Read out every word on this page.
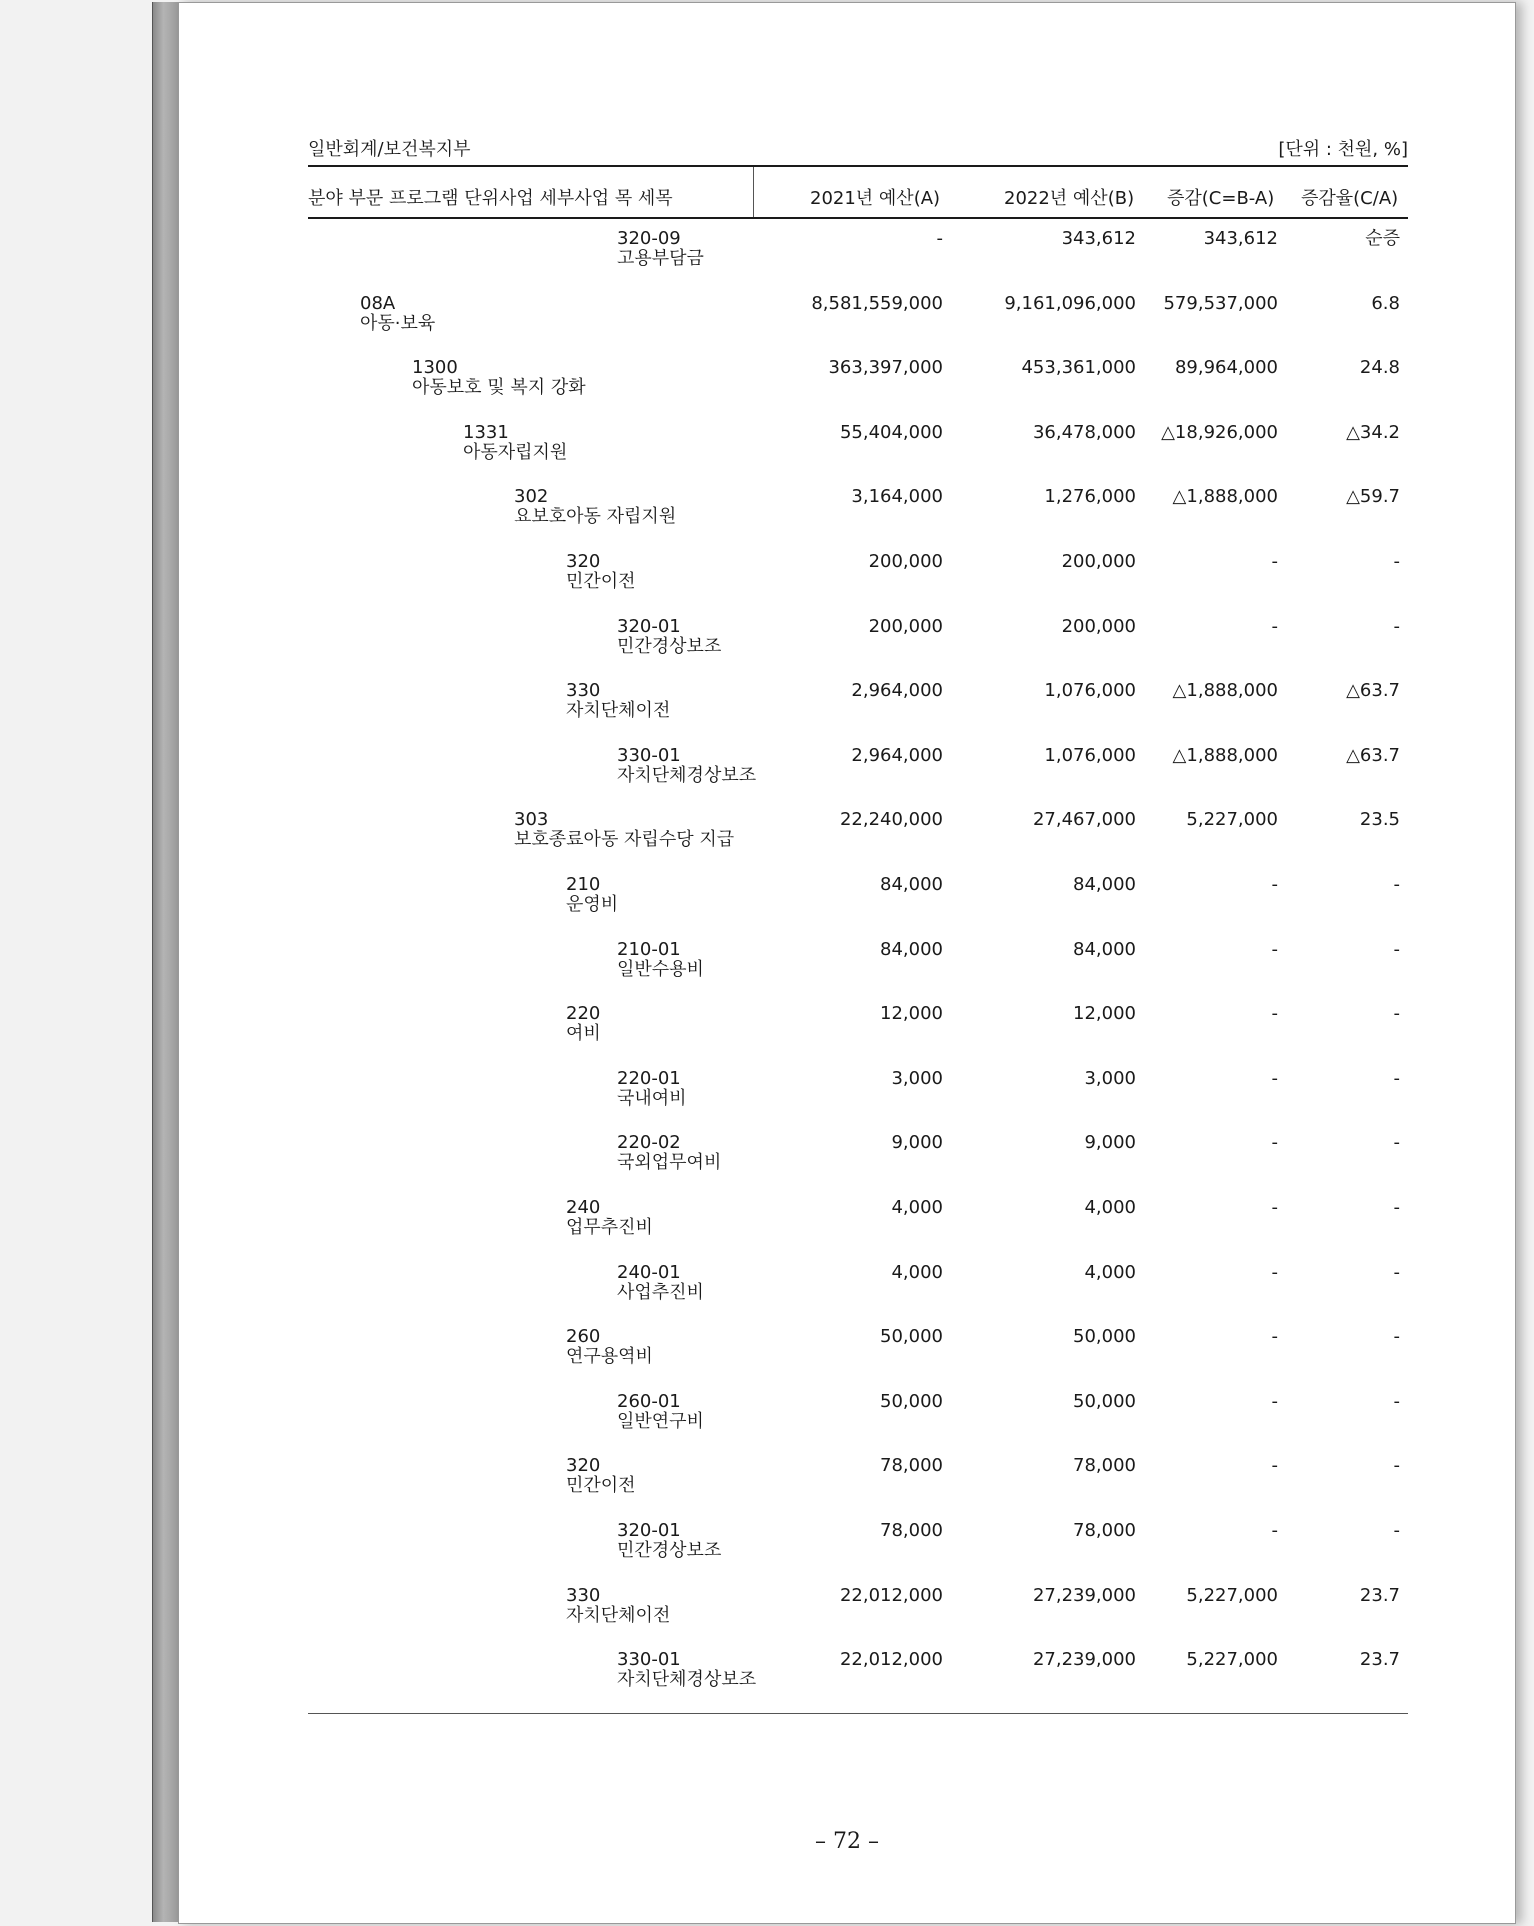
일반회계/보건복지부	[단위 : 천원, %]
분야 부문 프로그램 단위사업 세부사업 목 세목	2021년 예산(A)	2022년 예산(B) 증감(C=B-A) 증감율(C/A)
320-09
고용부담금
-	343,612	343,612	순증
08A
아동·보육
8,581,559,000	9,161,096,000 579,537,000	6.8
1300
아동보호 및 복지 강화
363,397,000	453,361,000 89,964,000	24.8
1331
아동자립지원
55,404,000	36,478,000 △18,926,000	△34.2
302
요보호아동 자립지원
3,164,000	1,276,000 △1,888,000	△59.7
320
민간이전
200,000	200,000	-	-
320-01
민간경상보조
200,000	200,000	-	-
330
자치단체이전
2,964,000	1,076,000 △1,888,000	△63.7
330-01
자치단체경상보조
2,964,000	1,076,000 △1,888,000	△63.7
303
보호종료아동 자립수당 지급
22,240,000	27,467,000	5,227,000	23.5
210
운영비
84,000	84,000	-	-
210-01
일반수용비
84,000	84,000	-	-
220
여비
12,000	12,000	-	-
220-01
국내여비
3,000	3,000	-	-
220-02
국외업무여비
9,000	9,000	-	-
240
업무추진비
4,000	4,000	-	-
240-01
사업추진비
4,000	4,000	-	-
260
연구용역비
50,000	50,000	-	-
260-01
일반연구비
50,000	50,000	-	-
320
민간이전
78,000	78,000	-	-
320-01
민간경상보조
78,000	78,000	-	-
330
자치단체이전
22,012,000	27,239,000	5,227,000	23.7
330-01
자치단체경상보조
22,012,000	27,239,000	5,227,000	23.7
– 72 –
